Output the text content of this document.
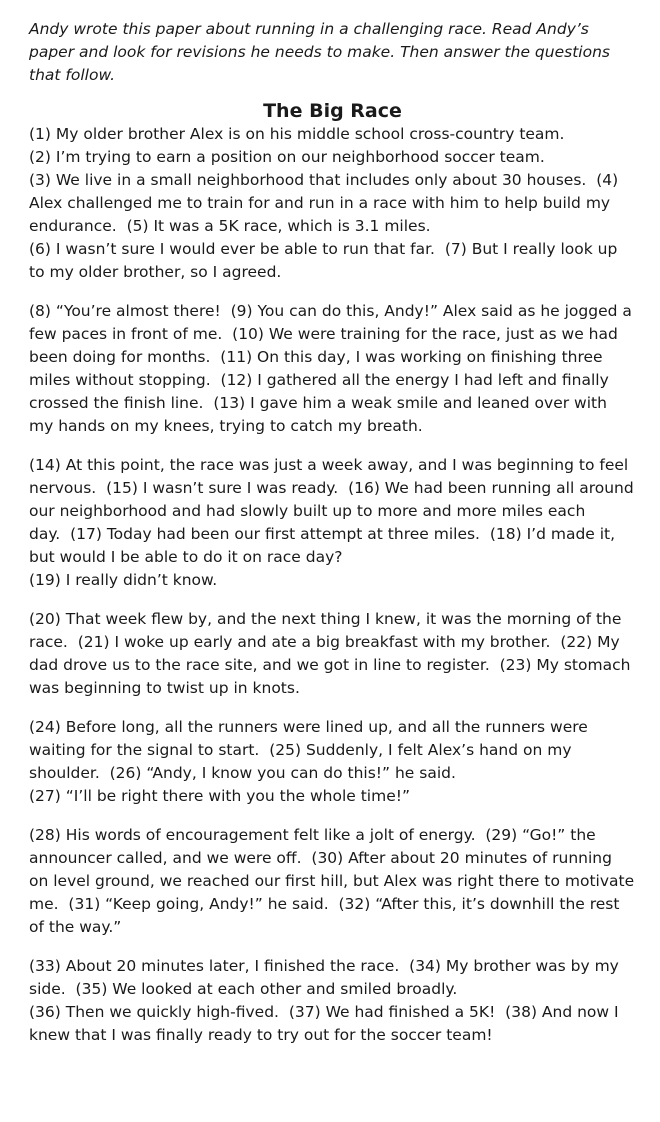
Andy wrote this paper about running in a challenging race. Read Andy’s paper and look for revisions he needs to make. Then answer the questions that follow.

The Big Race

(1) My older brother Alex is on his middle school cross-country team.
(2) I’m trying to earn a position on our neighborhood soccer team.
(3) We live in a small neighborhood that includes only about 30 houses. (4) Alex challenged me to train for and run in a race with him to help build my endurance. (5) It was a 5K race, which is 3.1 miles.
(6) I wasn’t sure I would ever be able to run that far. (7) But I really look up to my older brother, so I agreed.

(8) “You’re almost there! (9) You can do this, Andy!” Alex said as he jogged a few paces in front of me. (10) We were training for the race, just as we had been doing for months. (11) On this day, I was working on finishing three miles without stopping. (12) I gathered all the energy I had left and finally crossed the finish line. (13) I gave him a weak smile and leaned over with my hands on my knees, trying to catch my breath.

(14) At this point, the race was just a week away, and I was beginning to feel nervous. (15) I wasn’t sure I was ready. (16) We had been running all around our neighborhood and had slowly built up to more and more miles each day. (17) Today had been our first attempt at three miles. (18) I’d made it, but would I be able to do it on race day?
(19) I really didn’t know.

(20) That week flew by, and the next thing I knew, it was the morning of the race. (21) I woke up early and ate a big breakfast with my brother. (22) My dad drove us to the race site, and we got in line to register. (23) My stomach was beginning to twist up in knots.

(24) Before long, all the runners were lined up, and all the runners were waiting for the signal to start. (25) Suddenly, I felt Alex’s hand on my shoulder. (26) “Andy, I know you can do this!” he said.
(27) “I’ll be right there with you the whole time!”

(28) His words of encouragement felt like a jolt of energy. (29) “Go!” the announcer called, and we were off. (30) After about 20 minutes of running on level ground, we reached our first hill, but Alex was right there to motivate me. (31) “Keep going, Andy!” he said. (32) “After this, it’s downhill the rest of the way.”

(33) About 20 minutes later, I finished the race. (34) My brother was by my side. (35) We looked at each other and smiled broadly.
(36) Then we quickly high-fived. (37) We had finished a 5K! (38) And now I knew that I was finally ready to try out for the soccer team!
